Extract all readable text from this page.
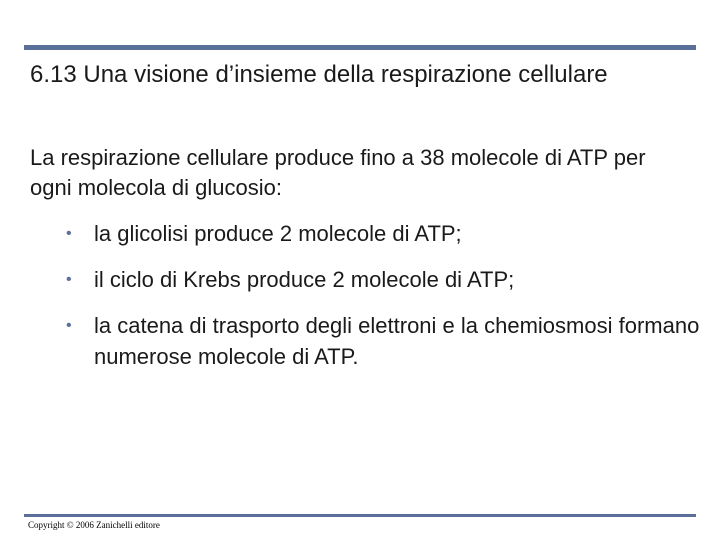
6.13 Una visione d’insieme della respirazione cellulare

La respirazione cellulare produce fino a 38 molecole di ATP per ogni molecola di glucosio:

• la glicolisi produce 2 molecole di ATP;
• il ciclo di Krebs produce 2 molecole di ATP;
• la catena di trasporto degli elettroni e la chemiosmosi formano numerose molecole di ATP.
Copyright © 2006 Zanichelli editore
